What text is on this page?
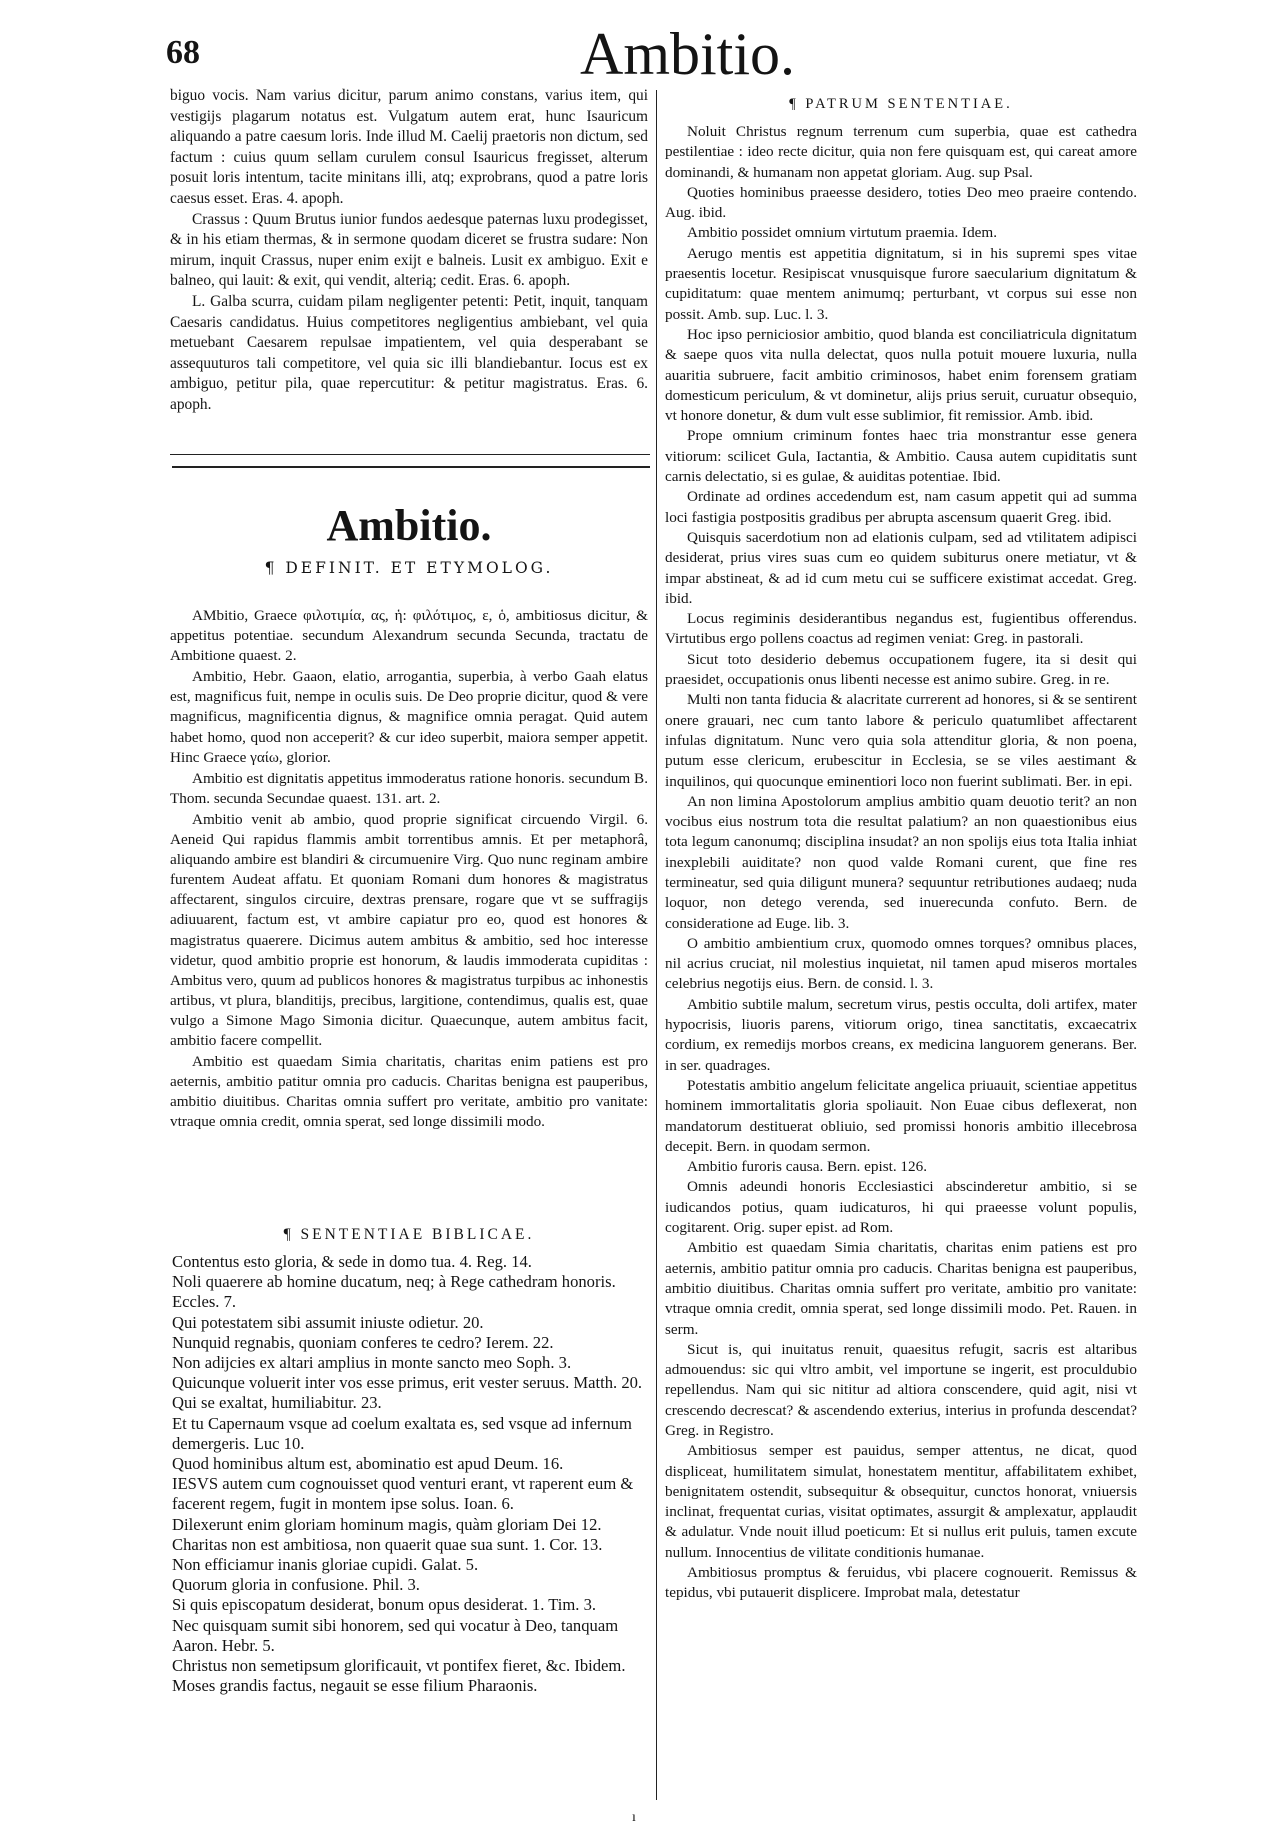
68	Ambitio.

biguo vocis. Nam varius dicitur, parum animo constans, varius item, qui vestigijs plagarum notatus est. Vulgatum autem erat, hunc Isauricum aliquando a patre caesum loris. Inde illud M. Caelij praetoris non dictum, sed factum : cuius quum sellam curulem consul Isauricus fregisset, alterum posuit loris intentum, tacite minitans illi, atq; exprobrans, quod a patre loris caesus esset. Eras. 4. apoph.

Crassus : Quum Brutus iunior fundos aedesque paternas luxu prodegisset, & in his etiam thermas, & in sermone quodam diceret se frustra sudare: Non mirum, inquit Crassus, nuper enim exijt e balneis. Lusit ex ambiguo. Exit e balneo, qui lauit: & exit, qui vendit, alterią; cedit. Eras. 6. apoph.

L. Galba scurra, cuidam pilam negligenter petenti: Petit, inquit, tanquam Caesaris candidatus. Huius competitores negligentius ambiebant, vel quia metuebant Caesarem repulsae impatientem, vel quia desperabant se assequuturos tali competitore, vel quia sic illi blandiebantur. Iocus est ex ambiguo, petitur pila, quae repercutitur: & petitur magistratus. Eras. 6. apoph.

Ambitio.
¶ DEFINIT. ET ETYMOLOG.

AMbitio, Graece φιλοτιμία, ας, ἡ: φιλότιμος, ε, ὁ, ambitiosus dicitur, & appetitus potentiae. secundum Alexandrum secunda Secunda, tractatu de Ambitione quaest. 2.

Ambitio, Hebr. Gaaon, elatio, arrogantia, superbia, à verbo Gaah elatus est, magnificus fuit, nempe in oculis suis. De Deo proprie dicitur, quod & vere magnificus, magnificentia dignus, & magnifice omnia peragat. Quid autem habet homo, quod non acceperit? & cur ideo superbit, maiora semper appetit. Hinc Graece γαίω, glorior.

Ambitio est dignitatis appetitus immoderatus ratione honoris. secundum B. Thom. secunda Secundae quaest. 131. art. 2.

Ambitio venit ab ambio, quod proprie significat circuendo Virgil. 6. Aeneid Qui rapidus flammis ambit torrentibus amnis. Et per metaphorâ, aliquando ambire est blandiri & circumuenire Virg. Quo nunc reginam ambire furentem Audeat affatu. Et quoniam Romani dum honores & magistratus affectarent, singulos circuire, dextras prensare, rogare que vt se suffragijs adiuuarent, factum est, vt ambire capiatur pro eo, quod est honores & magistratus quaerere. Dicimus autem ambitus & ambitio, sed hoc interesse videtur, quod ambitio proprie est honorum, & laudis immoderata cupiditas : Ambitus vero, quum ad publicos honores & magistratus turpibus ac inhonestis artibus, vt plura, blanditijs, precibus, largitione, contendimus, qualis est, quae vulgo a Simone Mago Simonia dicitur. Quaecunque, autem ambitus facit, ambitio facere compellit.

Ambitio est quaedam Simia charitatis, charitas enim patiens est pro aeternis, ambitio patitur omnia pro caducis. Charitas benigna est pauperibus, ambitio diuitibus. Charitas omnia suffert pro veritate, ambitio pro vanitate: vtraque omnia credit, omnia sperat, sed longe dissimili modo.

¶ SENTENTIAE BIBLICAE.

Contentus esto gloria, & sede in domo tua. 4. Reg. 14.

Noli quaerere ab homine ducatum, neq; à Rege cathedram honoris. Eccles. 7.

Qui potestatem sibi assumit iniuste odietur. 20.

Nunquid regnabis, quoniam conferes te cedro? Ierem. 22.

Non adijcies ex altari amplius in monte sancto meo Soph. 3.

Quicunque voluerit inter vos esse primus, erit vester seruus. Matth. 20.

Qui se exaltat, humiliabitur. 23.

Et tu Capernaum vsque ad coelum exaltata es, sed vsque ad infernum demergeris. Luc 10.

Quod hominibus altum est, abominatio est apud Deum. 16.

IESVS autem cum cognouisset quod venturi erant, vt raperent eum & facerent regem, fugit in montem ipse solus. Ioan. 6.

Dilexerunt enim gloriam hominum magis, quàm gloriam Dei 12.

Charitas non est ambitiosa, non quaerit quae sua sunt. 1. Cor. 13.

Non efficiamur inanis gloriae cupidi. Galat. 5.

Quorum gloria in confusione. Phil. 3.

Si quis episcopatum desiderat, bonum opus desiderat. 1. Tim. 3.

Nec quisquam sumit sibi honorem, sed qui vocatur à Deo, tanquam Aaron. Hebr. 5.

Christus non semetipsum glorificauit, vt pontifex fieret, &c. Ibidem.

Moses grandis factus, negauit se esse filium Pharaonis.

¶ PATRUM SENTENTIAE.

Noluit Christus regnum terrenum cum superbia, quae est cathedra pestilentiae : ideo recte dicitur, quia non fere quisquam est, qui careat amore dominandi, & humanam non appetat gloriam. Aug. sup Psal.

Quoties hominibus praeesse desidero, toties Deo meo praeire contendo. Aug. ibid.

Ambitio possidet omnium virtutum praemia. Idem.

Aerugo mentis est appetitia dignitatum, si in his supremi spes vitae praesentis locetur. Resipiscat vnusquisque furore saecularium dignitatum & cupiditatum: quae mentem animumq; perturbant, vt corpus sui esse non possit. Amb. sup. Luc. l. 3.

Hoc ipso perniciosior ambitio, quod blanda est conciliatricula dignitatum & saepe quos vita nulla delectat, quos nulla potuit mouere luxuria, nulla auaritia subruere, facit ambitio criminosos, habet enim forensem gratiam domesticum periculum, & vt dominetur, alijs prius seruit, curuatur obsequio, vt honore donetur, & dum vult esse sublimior, fit remissior. Amb. ibid.

Prope omnium criminum fontes haec tria monstrantur esse genera vitiorum: scilicet Gula, Iactantia, & Ambitio. Causa autem cupiditatis sunt carnis delectatio, si es gulae, & auiditas potentiae. Ibid.

Ordinate ad ordines accedendum est, nam casum appetit qui ad summa loci fastigia postpositis gradibus per abrupta ascensum quaerit Greg. ibid.

Quisquis sacerdotium non ad elationis culpam, sed ad vtilitatem adipisci desiderat, prius vires suas cum eo quidem subiturus onere metiatur, vt & impar abstineat, & ad id cum metu cui se sufficere existimat accedat. Greg. ibid.

Locus regiminis desiderantibus negandus est, fugientibus offerendus. Virtutibus ergo pollens coactus ad regimen veniat: Greg. in pastorali.

Sicut toto desiderio debemus occupationem fugere, ita si desit qui praesidet, occupationis onus libenti necesse est animo subire. Greg. in re.

Multi non tanta fiducia & alacritate currerent ad honores, si & se sentirent onere grauari, nec cum tanto labore & periculo quatumlibet affectarent infulas dignitatum. Nunc vero quia sola attenditur gloria, & non poena, putum esse clericum, erubescitur in Ecclesia, se se viles aestimant & inquilinos, qui quocunque eminentiori loco non fuerint sublimati. Ber. in epi.

An non limina Apostolorum amplius ambitio quam deuotio terit? an non vocibus eius nostrum tota die resultat palatium? an non quaestionibus eius tota legum canonumq; disciplina insudat? an non spolijs eius tota Italia inhiat inexplebili auiditate? non quod valde Romani curent, que fine res termineatur, sed quia diligunt munera? sequuntur retributiones audaeq; nuda loquor, non detego verenda, sed inuerecunda confuto. Bern. de consideratione ad Euge. lib. 3.

O ambitio ambientium crux, quomodo omnes torques? omnibus places, nil acrius cruciat, nil molestius inquietat, nil tamen apud miseros mortales celebrius negotijs eius. Bern. de consid. l. 3.

Ambitio subtile malum, secretum virus, pestis occulta, doli artifex, mater hypocrisis, liuoris parens, vitiorum origo, tinea sanctitatis, excaecatrix cordium, ex remedijs morbos creans, ex medicina languorem generans. Ber. in ser. quadrages.

Potestatis ambitio angelum felicitate angelica priuauit, scientiae appetitus hominem immortalitatis gloria spoliauit. Non Euae cibus deflexerat, non mandatorum destituerat obliuio, sed promissi honoris ambitio illecebrosa decepit. Bern. in quodam sermon.

Ambitio furoris causa. Bern. epist. 126.

Omnis adeundi honoris Ecclesiastici abscinderetur ambitio, si se iudicandos potius, quam iudicaturos, hi qui praeesse volunt populis, cogitarent. Orig. super epist. ad Rom.

Ambitio est quaedam Simia charitatis, charitas enim patiens est pro aeternis, ambitio patitur omnia pro caducis. Charitas benigna est pauperibus, ambitio diuitibus. Charitas omnia suffert pro veritate, ambitio pro vanitate: vtraque omnia credit, omnia sperat, sed longe dissimili modo. Pet. Rauen. in serm.

Sicut is, qui inuitatus renuit, quaesitus refugit, sacris est altaribus admouendus: sic qui vltro ambit, vel importune se ingerit, est proculdubio repellendus. Nam qui sic nititur ad altiora conscendere, quid agit, nisi vt crescendo decrescat? & ascendendo exterius, interius in profunda descendat? Greg. in Registro.

Ambitiosus semper est pauidus, semper attentus, ne dicat, quod displiceat, humilitatem simulat, honestatem mentitur, affabilitatem exhibet, benignitatem ostendit, subsequitur & obsequitur, cunctos honorat, vniuersis inclinat, frequentat curias, visitat optimates, assurgit & amplexatur, applaudit & adulatur. Vnde nouit illud poeticum: Et si nullus erit puluis, tamen excute nullum. Innocentius de vilitate conditionis humanae.

Ambitiosus promptus & feruidus, vbi placere cognouerit. Remissus & tepidus, vbi putauerit displicere. Improbat mala, detestatur

ı
